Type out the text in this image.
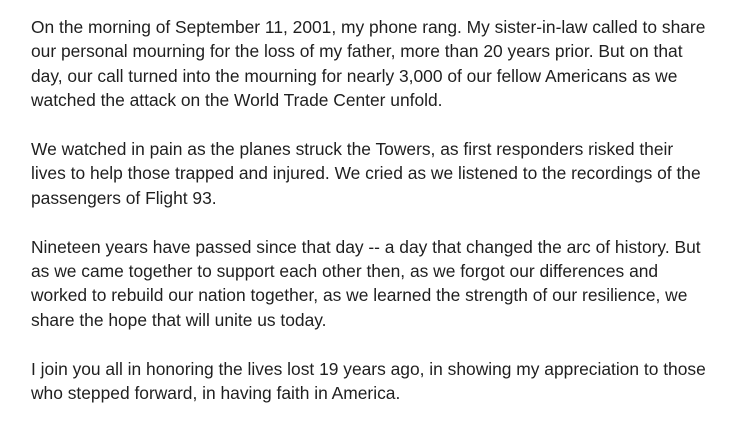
On the morning of September 11, 2001, my phone rang. My sister-in-law called to share
our personal mourning for the loss of my father, more than 20 years prior. But on that
day, our call turned into the mourning for nearly 3,000 of our fellow Americans as we
watched the attack on the World Trade Center unfold.

We watched in pain as the planes struck the Towers, as first responders risked their
lives to help those trapped and injured. We cried as we listened to the recordings of the
passengers of Flight 93.

Nineteen years have passed since that day -- a day that changed the arc of history. But
as we came together to support each other then, as we forgot our differences and
worked to rebuild our nation together, as we learned the strength of our resilience, we
share the hope that will unite us today.

I join you all in honoring the lives lost 19 years ago, in showing my appreciation to those
who stepped forward, in having faith in America.
